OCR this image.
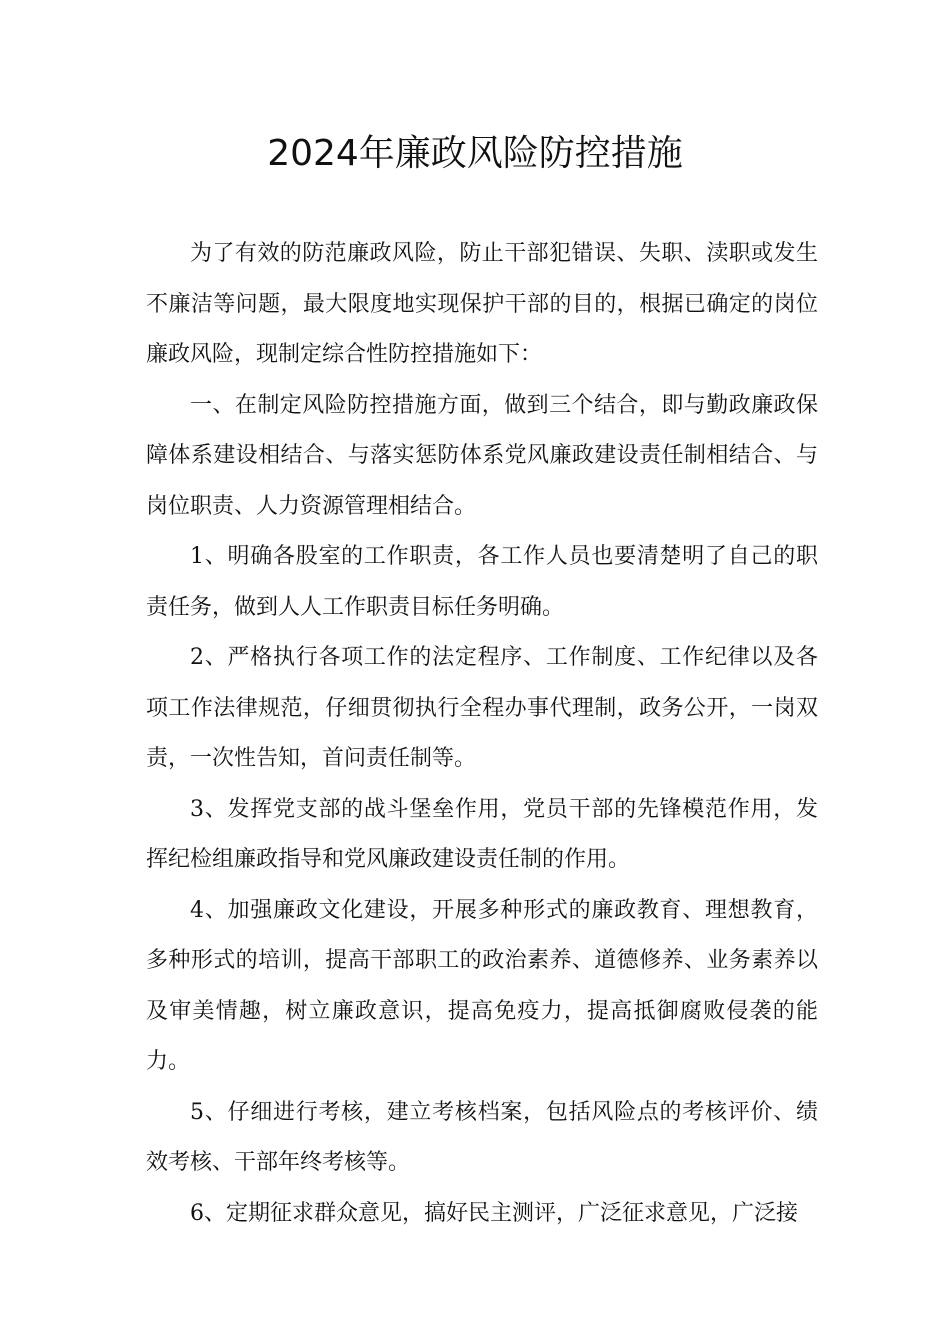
2024年廉政风险防控措施

为了有效的防范廉政风险，防止干部犯错误、失职、渎职或发生不廉洁等问题，最大限度地实现保护干部的目的，根据已确定的岗位廉政风险，现制定综合性防控措施如下：

一、在制定风险防控措施方面，做到三个结合，即与勤政廉政保障体系建设相结合、与落实惩防体系党风廉政建设责任制相结合、与岗位职责、人力资源管理相结合。

1、明确各股室的工作职责，各工作人员也要清楚明了自己的职责任务，做到人人工作职责目标任务明确。

2、严格执行各项工作的法定程序、工作制度、工作纪律以及各项工作法律规范，仔细贯彻执行全程办事代理制，政务公开，一岗双责，一次性告知，首问责任制等。

3、发挥党支部的战斗堡垒作用，党员干部的先锋模范作用，发挥纪检组廉政指导和党风廉政建设责任制的作用。

4、加强廉政文化建设，开展多种形式的廉政教育、理想教育，多种形式的培训，提高干部职工的政治素养、道德修养、业务素养以及审美情趣，树立廉政意识，提高免疫力，提高抵御腐败侵袭的能力。

5、仔细进行考核，建立考核档案，包括风险点的考核评价、绩效考核、干部年终考核等。

6、定期征求群众意见，搞好民主测评，广泛征求意见，广泛接
